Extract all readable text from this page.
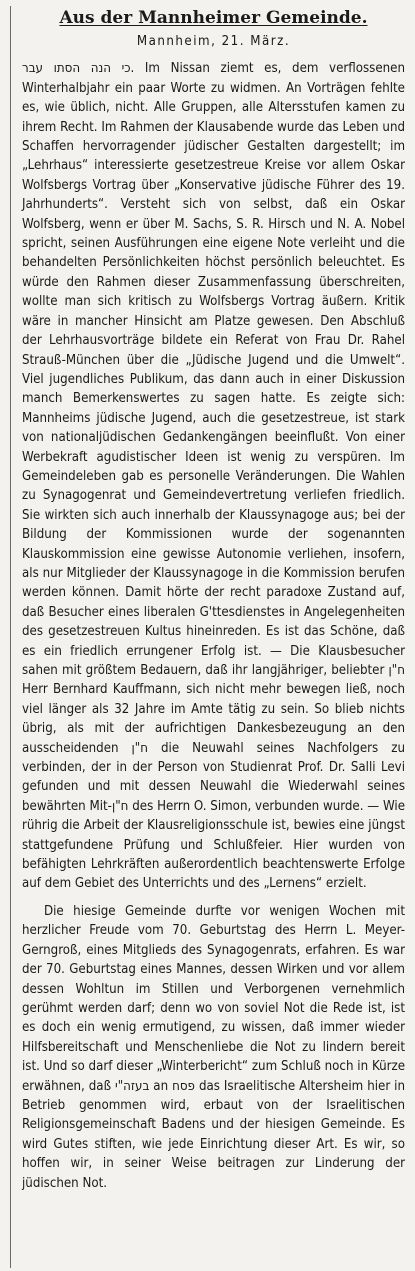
Aus der Mannheimer Gemeinde.
Mannheim, 21. März.

כי הנה הסתו עבר. Im Nissan ziemt es, dem verflossenen Winterhalbjahr ein paar Worte zu widmen. An Vorträgen fehlte es, wie üblich, nicht. Alle Gruppen, alle Altersstufen kamen zu ihrem Recht. Im Rahmen der Klausabende wurde das Leben und Schaffen hervorragender jüdischer Gestalten dargestellt; im „Lehrhaus“ interessierte gesetzestreue Kreise vor allem Oskar Wolfsbergs Vortrag über „Konservative jüdische Führer des 19. Jahrhunderts“. Versteht sich von selbst, daß ein Oskar Wolfsberg, wenn er über M. Sachs, S. R. Hirsch und N. A. Nobel spricht, seinen Ausführungen eine eigene Note verleiht und die behandelten Persönlichkeiten höchst persönlich beleuchtet. Es würde den Rahmen dieser Zusammenfassung überschreiten, wollte man sich kritisch zu Wolfsbergs Vortrag äußern. Kritik wäre in mancher Hinsicht am Platze gewesen. Den Abschluß der Lehrhausvorträge bildete ein Referat von Frau Dr. Rahel Strauß-München über die „Jüdische Jugend und die Umwelt“. Viel jugendliches Publikum, das dann auch in einer Diskussion manch Bemerkenswertes zu sagen hatte. Es zeigte sich: Mannheims jüdische Jugend, auch die gesetzestreue, ist stark von nationaljüdischen Gedankengängen beeinflußt. Von einer Werbekraft agudistischer Ideen ist wenig zu verspüren. Im Gemeindeleben gab es personelle Veränderungen. Die Wahlen zu Synagogenrat und Gemeindevertretung verliefen friedlich. Sie wirkten sich auch innerhalb der Klaussynagoge aus; bei der Bildung der Kommissionen wurde der sogenannten Klauskommission eine gewisse Autonomie verliehen, insofern, als nur Mitglieder der Klaussynagoge in die Kommission berufen werden können. Damit hörte der recht paradoxe Zustand auf, daß Besucher eines liberalen G'ttesdienstes in Angelegenheiten des gesetzestreuen Kultus hineinreden. Es ist das Schöne, daß es ein friedlich errungener Erfolg ist. — Die Klausbesucher sahen mit größtem Bedauern, daß ihr langjähriger, beliebter ח"ן Herr Bernhard Kauffmann, sich nicht mehr bewegen ließ, noch viel länger als 32 Jahre im Amte tätig zu sein. So blieb nichts übrig, als mit der aufrichtigen Dankesbezeugung an den ausscheidenden ח"ן die Neuwahl seines Nachfolgers zu verbinden, der in der Person von Studienrat Prof. Dr. Salli Levi gefunden und mit dessen Neuwahl die Wiederwahl seines bewährten Mit-ח"ן des Herrn O. Simon, verbunden wurde. — Wie rührig die Arbeit der Klausreligionsschule ist, bewies eine jüngst stattgefundene Prüfung und Schlußfeier. Hier wurden von befähigten Lehrkräften außerordentlich beachtenswerte Erfolge auf dem Gebiet des Unterrichts und des „Lernens“ erzielt.

Die hiesige Gemeinde durfte vor wenigen Wochen mit herzlicher Freude vom 70. Geburtstag des Herrn L. Meyer-Gerngroß, eines Mitglieds des Synagogenrats, erfahren. Es war der 70. Geburtstag eines Mannes, dessen Wirken und vor allem dessen Wohltun im Stillen und Verborgenen vernehmlich gerühmt werden darf; denn wo von soviel Not die Rede ist, ist es doch ein wenig ermutigend, zu wissen, daß immer wieder Hilfsbereitschaft und Menschenliebe die Not zu lindern bereit ist. Und so darf dieser „Winterbericht“ zum Schluß noch in Kürze erwähnen, daß בעזה"י an פסח das Israelitische Altersheim hier in Betrieb genommen wird, erbaut von der Israelitischen Religionsgemeinschaft Badens und der hiesigen Gemeinde. Es wird Gutes stiften, wie jede Einrichtung dieser Art. Es wir, so hoffen wir, in seiner Weise beitragen zur Linderung der jüdischen Not.
